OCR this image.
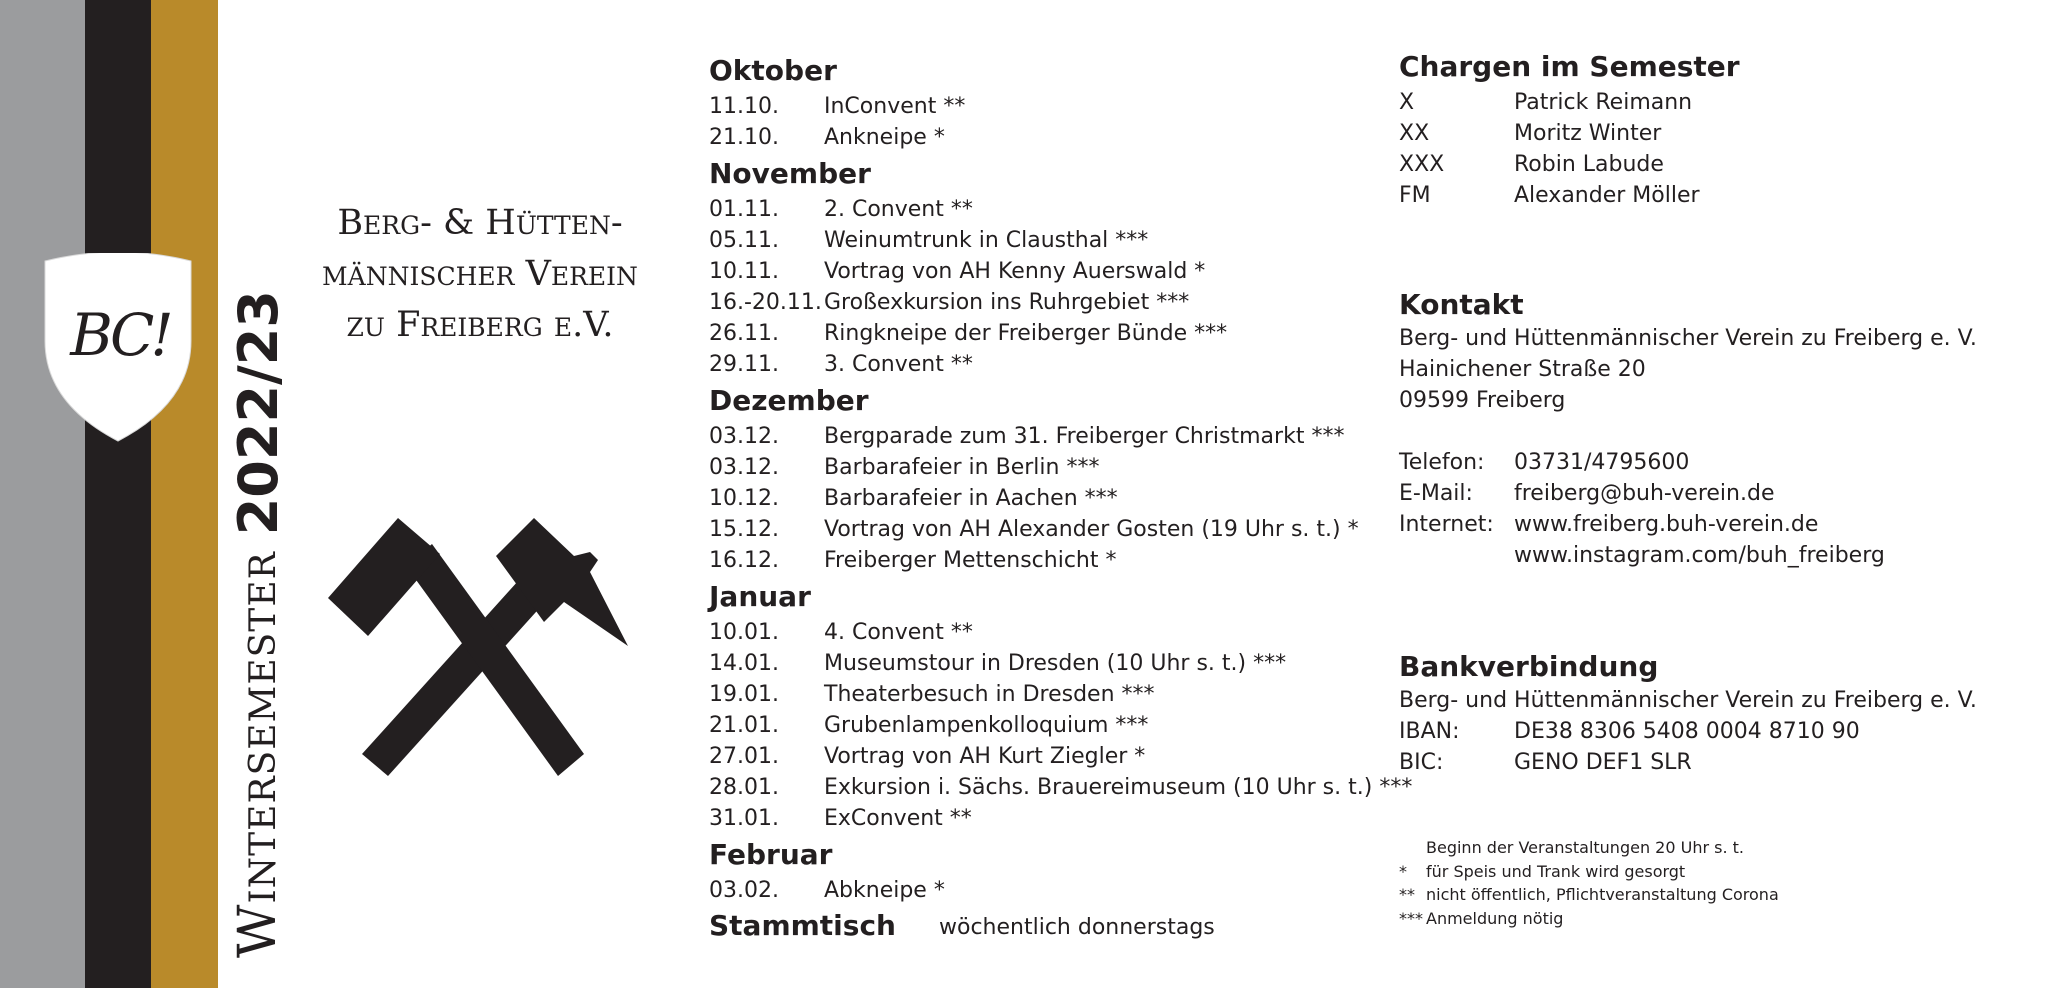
BC!
Wintersemester
2022/23
Berg- & Hütten-
männischer Verein
zu Freiberg e.V.
Oktober
11.10. InConvent **
21.10. Ankneipe *
November
01.11. 2. Convent **
05.11. Weinumtrunk in Clausthal ***
10.11. Vortrag von AH Kenny Auerswald *
16.-20.11. Großexkursion ins Ruhrgebiet ***
26.11. Ringkneipe der Freiberger Bünde ***
29.11. 3. Convent **
Dezember
03.12. Bergparade zum 31. Freiberger Christmarkt ***
03.12. Barbarafeier in Berlin ***
10.12. Barbarafeier in Aachen ***
15.12. Vortrag von AH Alexander Gosten (19 Uhr s. t.) *
16.12. Freiberger Mettenschicht *
Januar
10.01. 4. Convent **
14.01. Museumstour in Dresden (10 Uhr s. t.) ***
19.01. Theaterbesuch in Dresden ***
21.01. Grubenlampenkolloquium ***
27.01. Vortrag von AH Kurt Ziegler *
28.01. Exkursion i. Sächs. Brauereimuseum (10 Uhr s. t.) ***
31.01. ExConvent **
Februar
03.02. Abkneipe *
Stammtisch wöchentlich donnerstags
Chargen im Semester
X	Patrick Reimann
XX	Moritz Winter
XXX	Robin Labude
FM	Alexander Möller
Kontakt
Berg- und Hüttenmännischer Verein zu Freiberg e. V.
Hainichener Straße 20
09599 Freiberg
Telefon: 03731/4795600
E-Mail: freiberg@buh-verein.de
Internet: www.freiberg.buh-verein.de
www.instagram.com/buh_freiberg
Bankverbindung
Berg- und Hüttenmännischer Verein zu Freiberg e. V.
IBAN: DE38 8306 5408 0004 8710 90
BIC:	GENO DEF1 SLR
Beginn der Veranstaltungen 20 Uhr s. t.
* für Speis und Trank wird gesorgt
** nicht öffentlich, Pflichtveranstaltung Corona
*** Anmeldung nötig
